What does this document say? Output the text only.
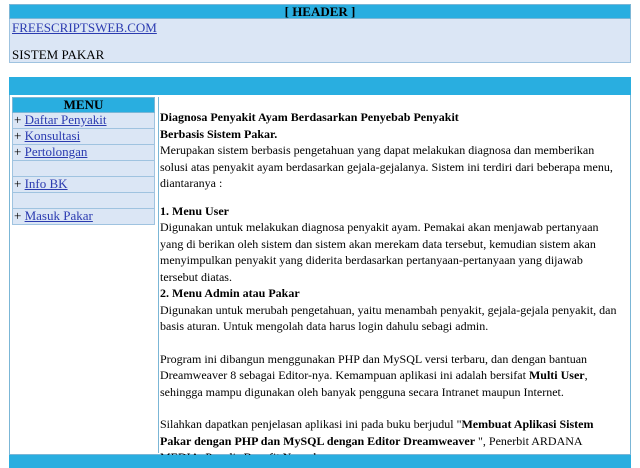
[ HEADER ]
FREESCRIPTSWEB.COM
SISTEM PAKAR
MENU
+ Daftar Penyakit
+ Konsultasi
+ Pertolongan
+ Info BK
+ Masuk Pakar

Diagnosa Penyakit Ayam Berdasarkan Penyebab Penyakit

Berbasis Sistem Pakar.

Merupakan sistem berbasis pengetahuan yang dapat melakukan diagnosa dan memberikan solusi atas penyakit ayam berdasarkan gejala-gejalanya. Sistem ini terdiri dari beberapa menu, diantaranya :

1. Menu User

Digunakan untuk melakukan diagnosa penyakit ayam. Pemakai akan menjawab pertanyaan yang di berikan oleh sistem dan sistem akan merekam data tersebut, kemudian sistem akan menyimpulkan penyakit yang diderita berdasarkan pertanyaan-pertanyaan yang dijawab tersebut diatas.

2. Menu Admin atau Pakar

Digunakan untuk merubah pengetahuan, yaitu menambah penyakit, gejala-gejala penyakit, dan basis aturan. Untuk mengolah data harus login dahulu sebagi admin.

Program ini dibangun menggunakan PHP dan MySQL versi terbaru, dan dengan bantuan Dreamweaver 8 sebagai Editor-nya. Kemampuan aplikasi ini adalah bersifat Multi User, sehingga mampu digunakan oleh banyak pengguna secara Intranet maupun Internet.

Silahkan dapatkan penjelasan aplikasi ini pada buku berjudul "Membuat Aplikasi Sistem Pakar dengan PHP dan MySQL dengan Editor Dreamweaver ", Penerbit ARDANA
